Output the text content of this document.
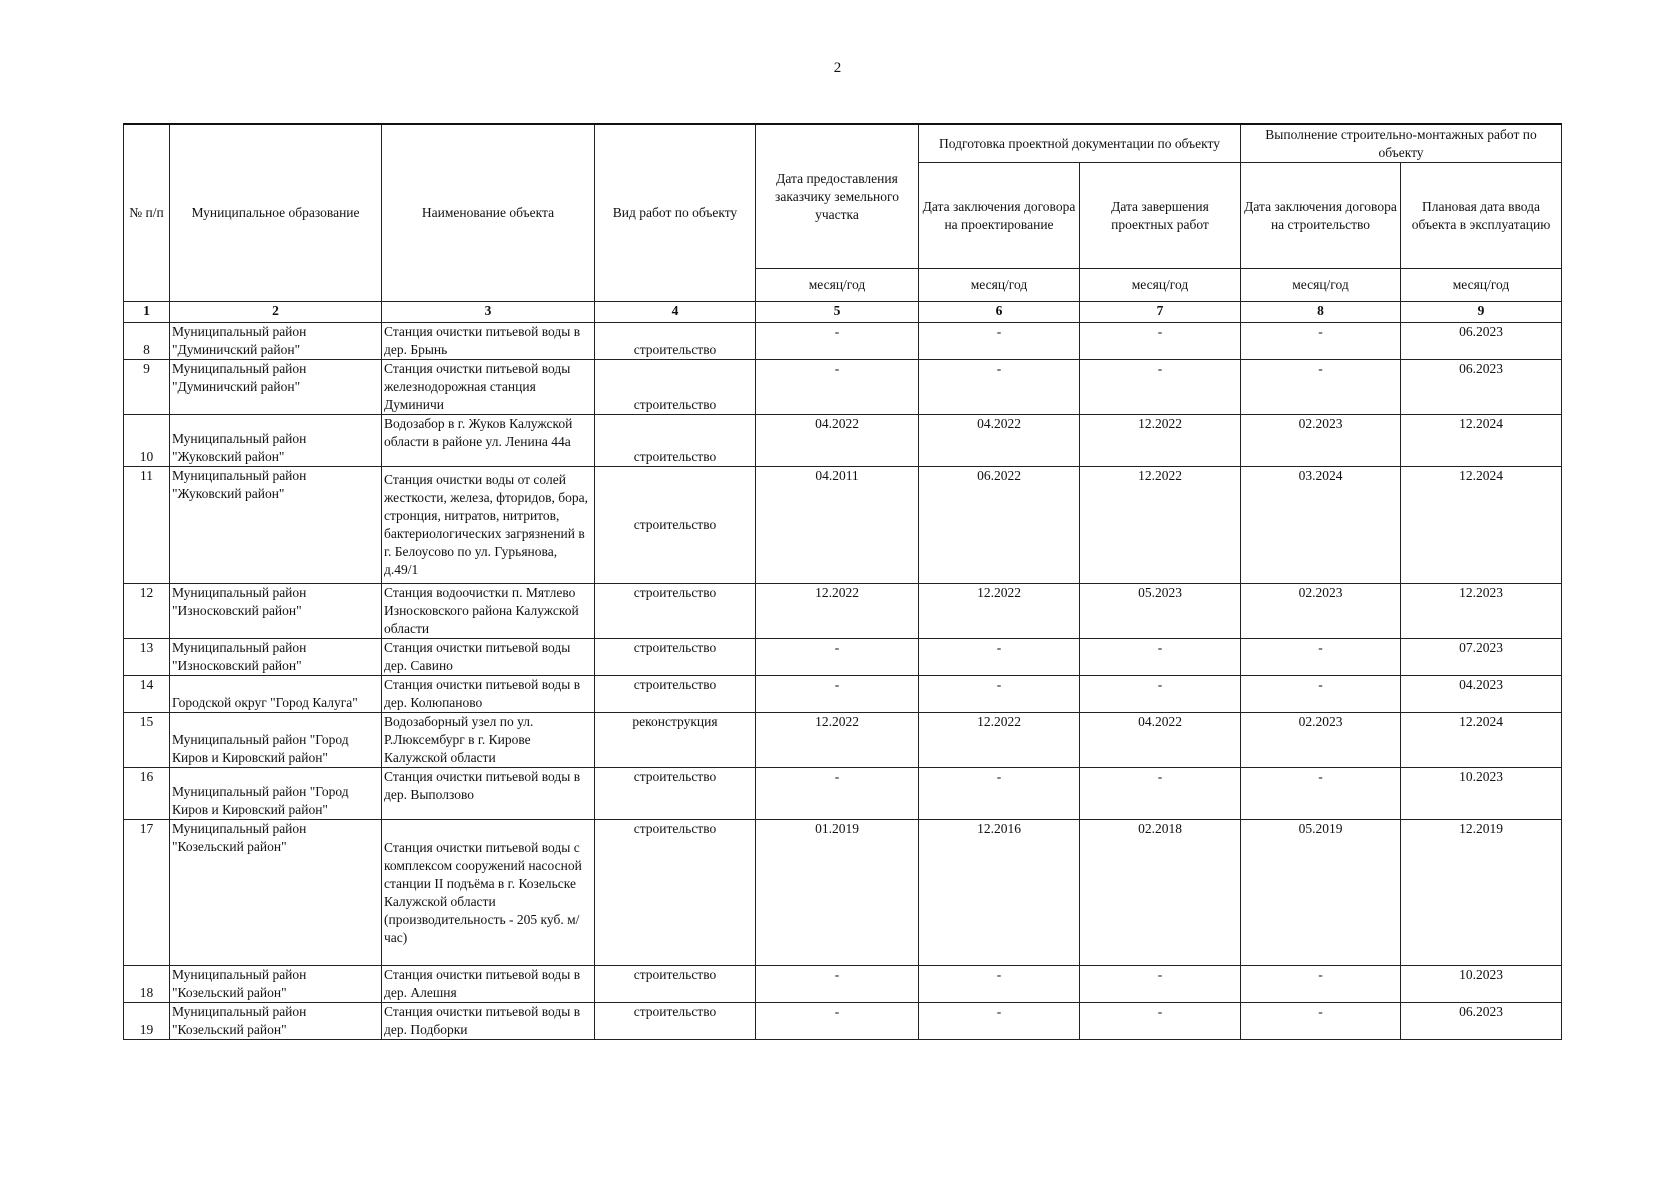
2
№ п/п	Муниципальное образование	Наименование объекта	Вид работ по объекту	Дата предоставления заказчику земельного участка	Подготовка проектной документации по объекту		Выполнение строительно-монтажных работ по объекту	
					Дата заключения договора на проектирование	Дата завершения проектных работ	Дата заключения договора на строительство	Плановая дата ввода объекта в эксплуатацию
				месяц/год	месяц/год	месяц/год	месяц/год	месяц/год
1	2	3	4	5	6	7	8	9
8	Муниципальный район "Думиничский район"	Станция очистки питьевой воды в дер. Брынь	строительство	-	-	-	-	06.2023
9	Муниципальный район "Думиничский район"	Станция очистки питьевой воды железнодорожная станция Думиничи	строительство	-	-	-	-	06.2023
10	Муниципальный район "Жуковский район"	Водозабор в г. Жуков Калужской области в районе ул. Ленина 44а	строительство	04.2022	04.2022	12.2022	02.2023	12.2024
11	Муниципальный район "Жуковский район"	Станция очистки воды от солей жесткости, железа, фторидов, бора, стронция, нитратов, нитритов, бактериологических загрязнений в г. Белоусово по ул. Гурьянова, д.49/1	строительство	04.2011	06.2022	12.2022	03.2024	12.2024
12	Муниципальный район "Износковский район"	Станция водоочистки п. Мятлево Износковского района Калужской области	строительство	12.2022	12.2022	05.2023	02.2023	12.2023
13	Муниципальный район "Износковский район"	Станция очистки питьевой воды дер. Савино	строительство	-	-	-	-	07.2023
14	Городской округ "Город Калуга"	Станция очистки питьевой воды в дер. Колюпаново	строительство	-	-	-	-	04.2023
15	Муниципальный район "Город Киров и Кировский район"	Водозаборный узел по ул. Р.Люксембург в г. Кирове Калужской области	реконструкция	12.2022	12.2022	04.2022	02.2023	12.2024
16	Муниципальный район "Город Киров и Кировский район"	Станция очистки питьевой воды в дер. Выползово	строительство	-	-	-	-	10.2023
17	Муниципальный район "Козельский район"	Станция очистки питьевой воды с комплексом сооружений насосной станции II подъёма в г. Козельске Калужской области (производительность - 205 куб. м/час)	строительство	01.2019	12.2016	02.2018	05.2019	12.2019
18	Муниципальный район "Козельский район"	Станция очистки питьевой воды в дер. Алешня	строительство	-	-	-	-	10.2023
19	Муниципальный район "Козельский район"	Станция очистки питьевой воды в дер. Подборки	строительство	-	-	-	-	06.2023
